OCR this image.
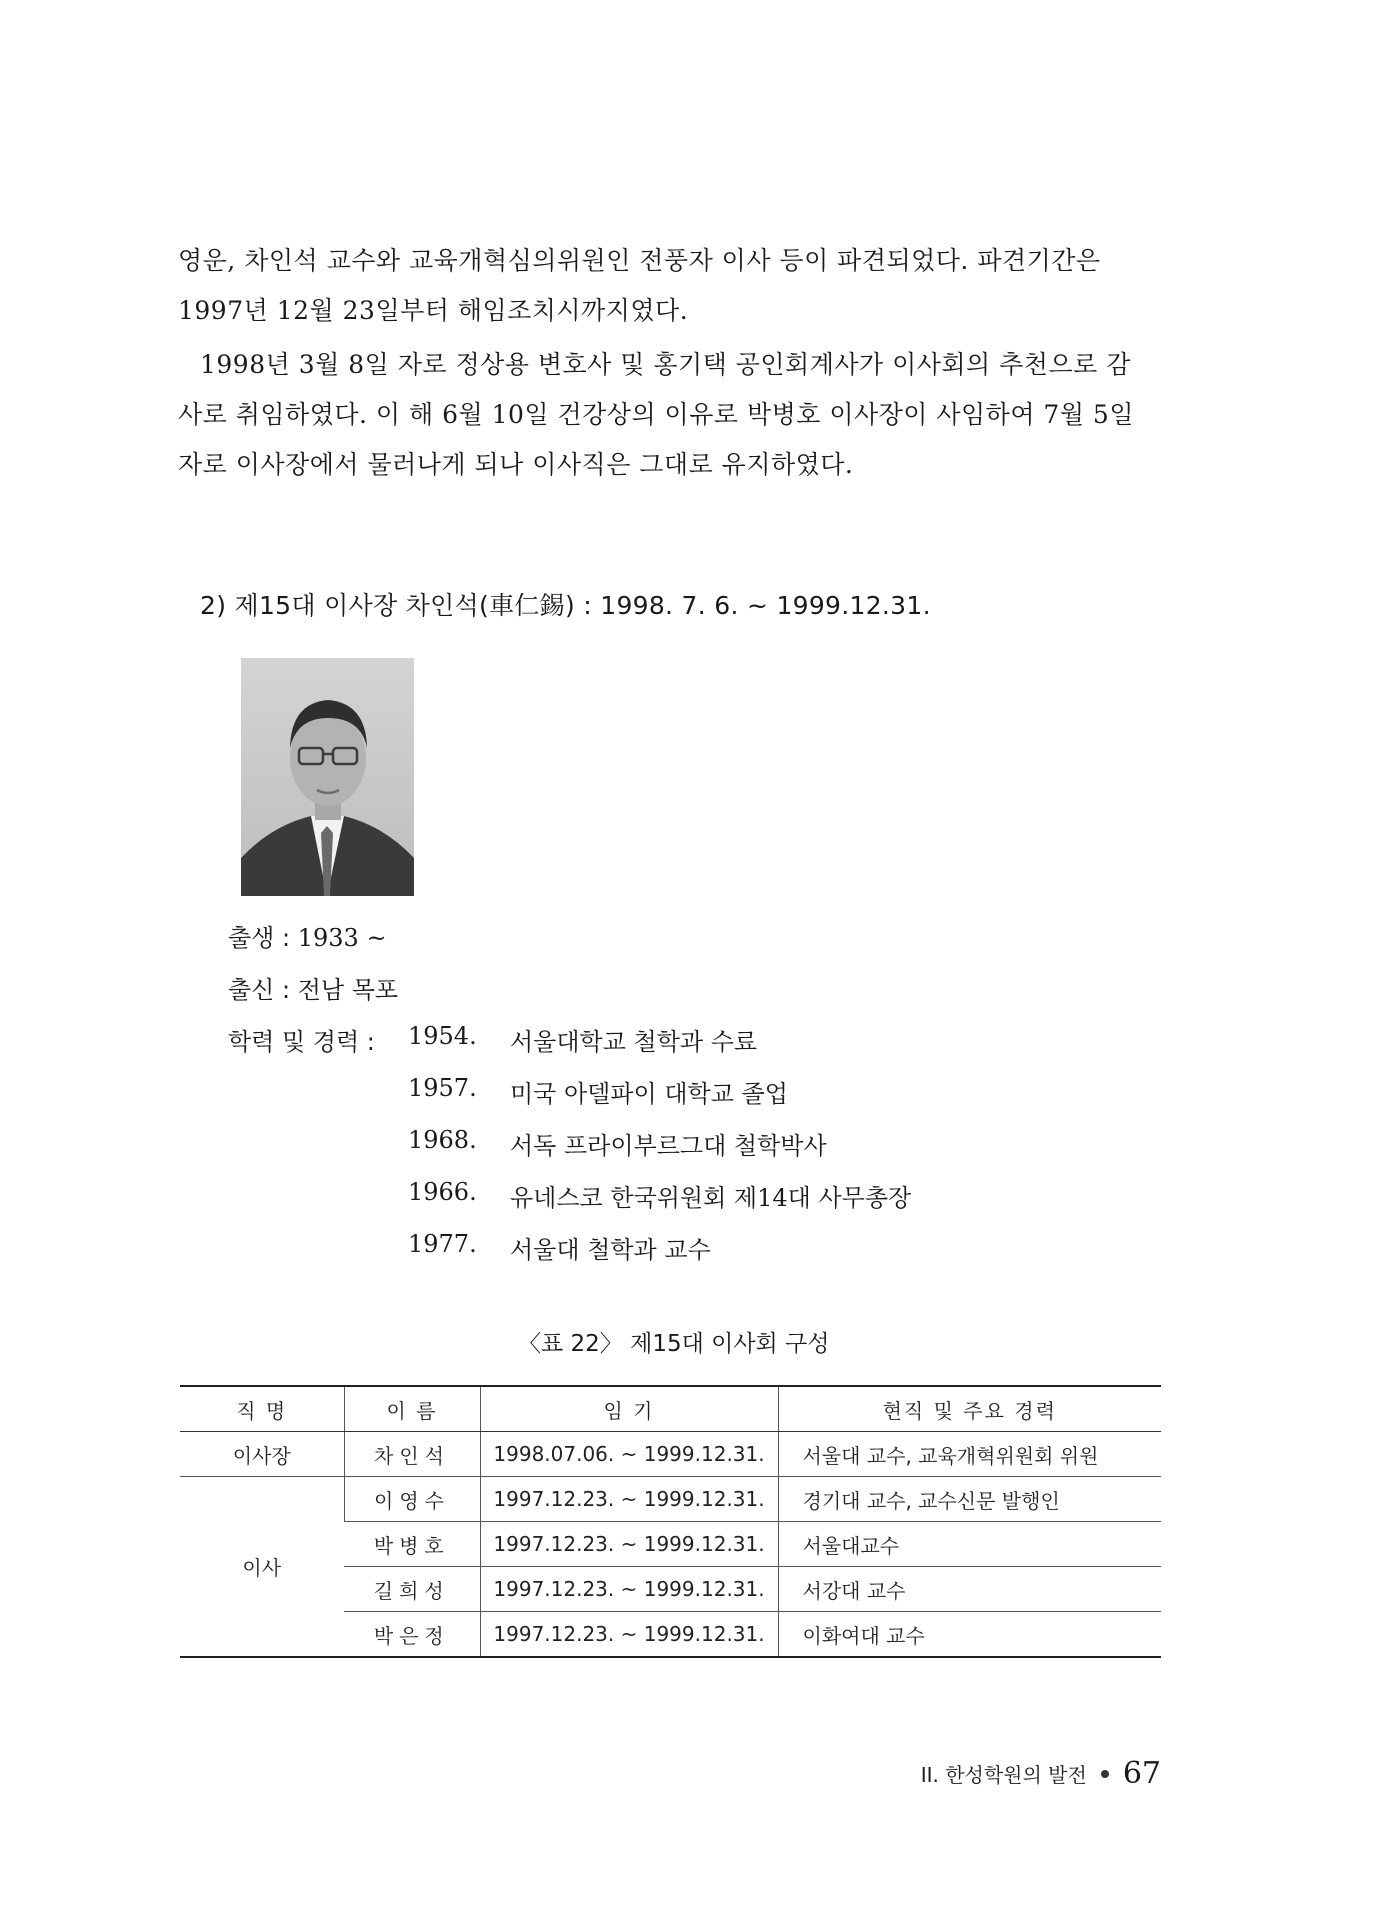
영운, 차인석 교수와 교육개혁심의위원인 전풍자 이사 등이 파견되었다. 파견기간은
1997년 12월 23일부터 해임조치시까지였다.
1998년 3월 8일 자로 정상용 변호사 및 홍기택 공인회계사가 이사회의 추천으로 감
사로 취임하였다. 이 해 6월 10일 건강상의 이유로 박병호 이사장이 사임하여 7월 5일
자로 이사장에서 물러나게 되나 이사직은 그대로 유지하였다.
2) 제15대 이사장 차인석(車仁錫) : 1998. 7. 6. ~ 1999.12.31.
출생 : 1933 ~
출신 : 전남 목포
학력 및 경력 : 1954. 서울대학교 철학과 수료
1957. 미국 아델파이 대학교 졸업
1968. 서독 프라이부르그대 철학박사
1966. 유네스코 한국위원회 제14대 사무총장
1977. 서울대 철학과 교수
〈표 22〉 제15대 이사회 구성
직 명	이 름	임 기	현직 및 주요 경력
이사장	차인석	1998.07.06. ~ 1999.12.31.	서울대 교수, 교육개혁위원회 위원
이사	이영수	1997.12.23. ~ 1999.12.31.	경기대 교수, 교수신문 발행인
	박병호	1997.12.23. ~ 1999.12.31.	서울대교수
	길희성	1997.12.23. ~ 1999.12.31.	서강대 교수
	박은정	1997.12.23. ~ 1999.12.31.	이화여대 교수
II. 한성학원의 발전 67
